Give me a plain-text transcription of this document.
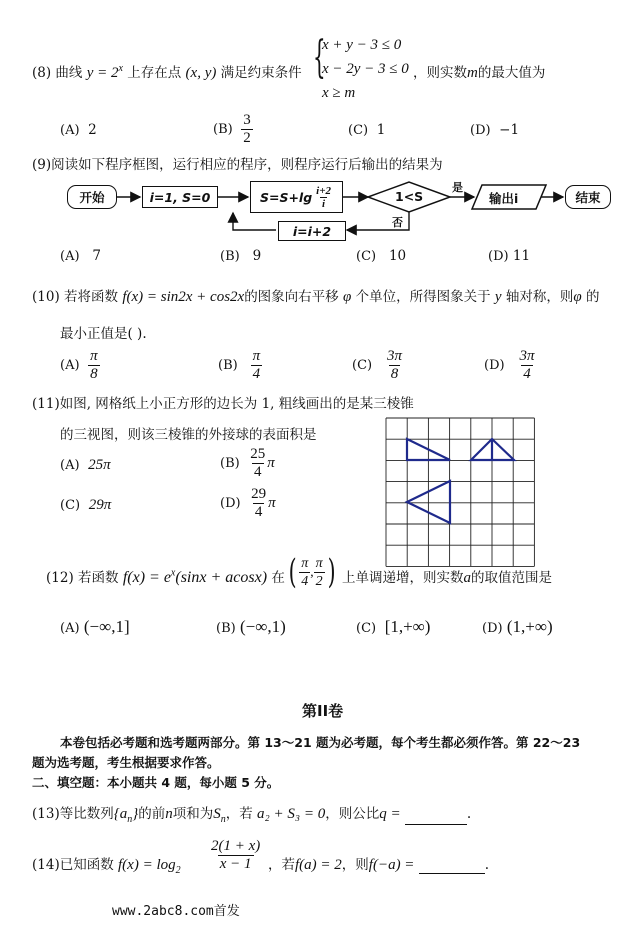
(8) 曲线 $y = 2^x$ 上存在点 (x, y) 满足约束条件 {
x + y − 3 ≤ 0
x − 2y − 3 ≤ 0
x ≥ m
，则实数m的最大值为
(A) 2	$(B) \frac{3}{2}$	(C) 1	(D) −1
(9)阅读如下程序框图，运行相应的程序，则程序运行后输出的结果为
开始	i=1, S=0	$S=S+\lg \frac{i+2}{i}$	1<S
是
否
输出i	结束
i=i+2
(A) 7	(B) 9	(C) 10	(D) 11
(10) 若将函数 f(x) = sin2x + cos2x的图象向右平移 φ 个单位，所得图象关于 y 轴对称，则φ 的
最小正值是( ).
$(A) \frac{\pi}{8}$	$(B) \frac{\pi}{4}$	$(C) \frac{3\pi}{8}$	$(D) \frac{3\pi}{4}$
(11)如图, 网格纸上小正方形的边长为 1, 粗线画出的是某三棱锥
的三视图，则该三棱锥的外接球的表面积是
(A) 25π	$(B) \frac{25}{4}$ π
(C) 29π	$(D) \frac{29}{4}$ π
(12) 若函数 $f(x) = e^x(\sin x + acosx)$ 在 ( $\frac{\pi}{4}$ , $\frac{\pi}{2}$ ) 上单调递增，则实数a的取值范围是
(A) (−∞,1]	(B) (−∞,1)	(C) [1,+∞)	(D) (1,+∞)
第II卷
本卷包括必考题和选考题两部分。第 13～21 题为必考题，每个考生都必须作答。第 22～23
题为选考题，考生根据要求作答。
二、填空题：本小题共 4 题，每小题 5 分。
(13)等比数列$\{a_n\}$的前n项和为$S_n$，若 a₂ + S₃ = 0，则公比q =	.
(14)已知函数 $f(x) = \log_2 \frac{2(1 + x)}{x - 1}$ ，若f(a) = 2，则f(−a) =	.
www.2abc8.com首发
